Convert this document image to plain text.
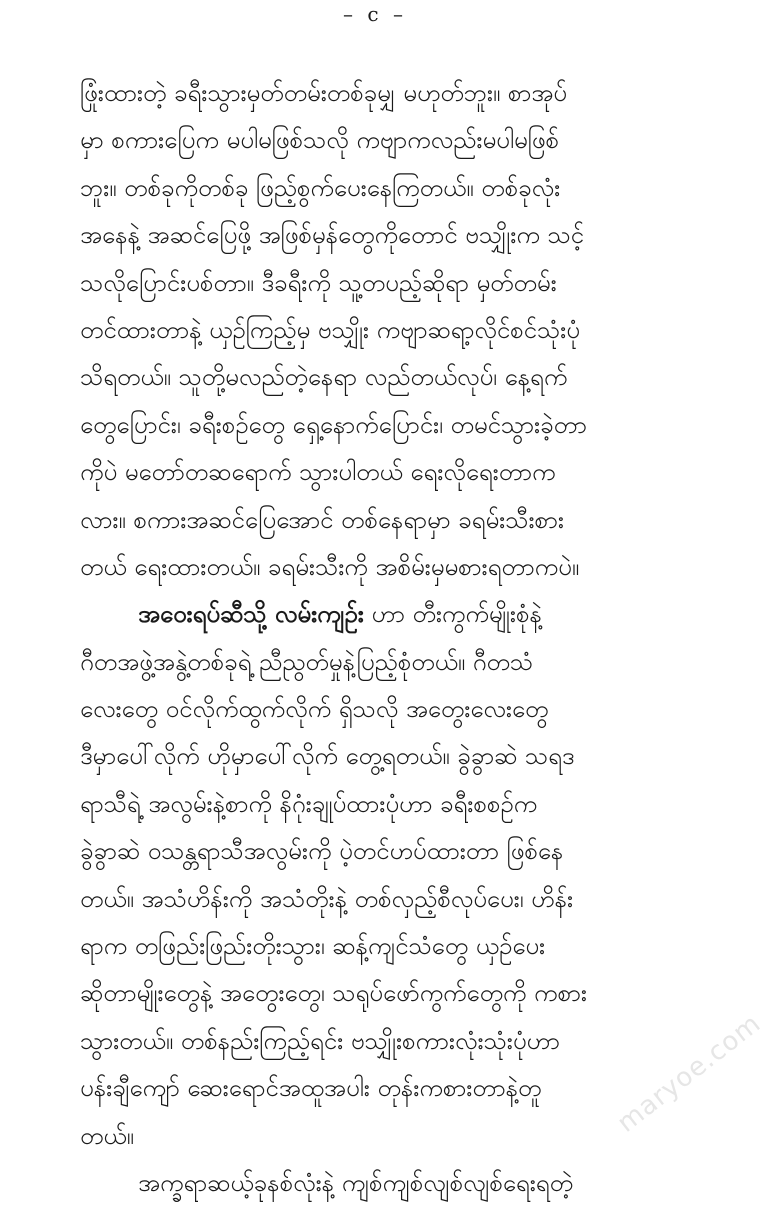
– c –
ဖြုံးထားတဲ့ ခရီးသွားမှတ်တမ်းတစ်ခုမျှ မဟုတ်ဘူး။ စာအုပ်
မှာ စကားပြေက မပါမဖြစ်သလို ကဗျာကလည်းမပါမဖြစ်
ဘူး။ တစ်ခုကိုတစ်ခု ဖြည့်စွက်ပေးနေကြတယ်။ တစ်ခုလုံး
အနေနဲ့ အဆင်ပြေဖို့ အဖြစ်မှန်တွေကိုတောင် ဗသျှိုးက သင့်
သလိုပြောင်းပစ်တာ။ ဒီခရီးကို သူ့တပည့်ဆိုရာ မှတ်တမ်း
တင်ထားတာနဲ့ ယှဉ်ကြည့်မှ ဗသျှိုး ကဗျာဆရာ့လိုင်စင်သုံးပုံ
သိရတယ်။ သူတို့မလည်တဲ့နေရာ လည်တယ်လုပ်၊ နေ့ရက်
တွေပြောင်း၊ ခရီးစဉ်တွေ ရှေ့နောက်ပြောင်း၊ တမင်သွားခဲ့တာ
ကိုပဲ မတော်တဆရောက် သွားပါတယ် ရေးလိုရေးတာက
လား။ စကားအဆင်ပြေအောင် တစ်နေရာမှာ ခရမ်းသီးစား
တယ် ရေးထားတယ်။ ခရမ်းသီးကို အစိမ်းမှမစားရတာကပဲ။
အဝေးရပ်ဆီသို့ လမ်းကျဉ်း ဟာ တီးကွက်မျိုးစုံနဲ့
ဂီတအဖွဲ့အနွဲ့တစ်ခုရဲ့ ညီညွတ်မှုနဲ့ပြည့်စုံတယ်။ ဂီတသံ
လေးတွေ ဝင်လိုက်ထွက်လိုက် ရှိသလို အတွေးလေးတွေ
ဒီမှာပေါ်လိုက် ဟိုမှာပေါ်လိုက် တွေ့ရတယ်။ ခွဲခွာဆဲ သရဒ
ရာသီရဲ့ အလွမ်းနဲ့စာကို နိဂုံးချုပ်ထားပုံဟာ ခရီးစစဉ်က
ခွဲခွာဆဲ ဝသန္တရာသီအလွမ်းကို ပဲ့တင်ဟပ်ထားတာ ဖြစ်နေ
တယ်။ အသံဟိန်းကို အသံတိုးနဲ့ တစ်လှည့်စီလုပ်ပေး၊ ဟိန်း
ရာက တဖြည်းဖြည်းတိုးသွား၊ ဆန့်ကျင်သံတွေ ယှဉ်ပေး
ဆိုတာမျိုးတွေနဲ့ အတွေးတွေ၊ သရုပ်ဖော်ကွက်တွေကို ကစား
သွားတယ်။ တစ်နည်းကြည့်ရင်း ဗသျှိုးစကားလုံးသုံးပုံဟာ
ပန်းချီကျော် ဆေးရောင်အထူအပါး တုန်းကစားတာနဲ့တူ
တယ်။
အက္ခရာဆယ့်ခုနစ်လုံးနဲ့ ကျစ်ကျစ်လျစ်လျစ်ရေးရတဲ့
maryoe.com
